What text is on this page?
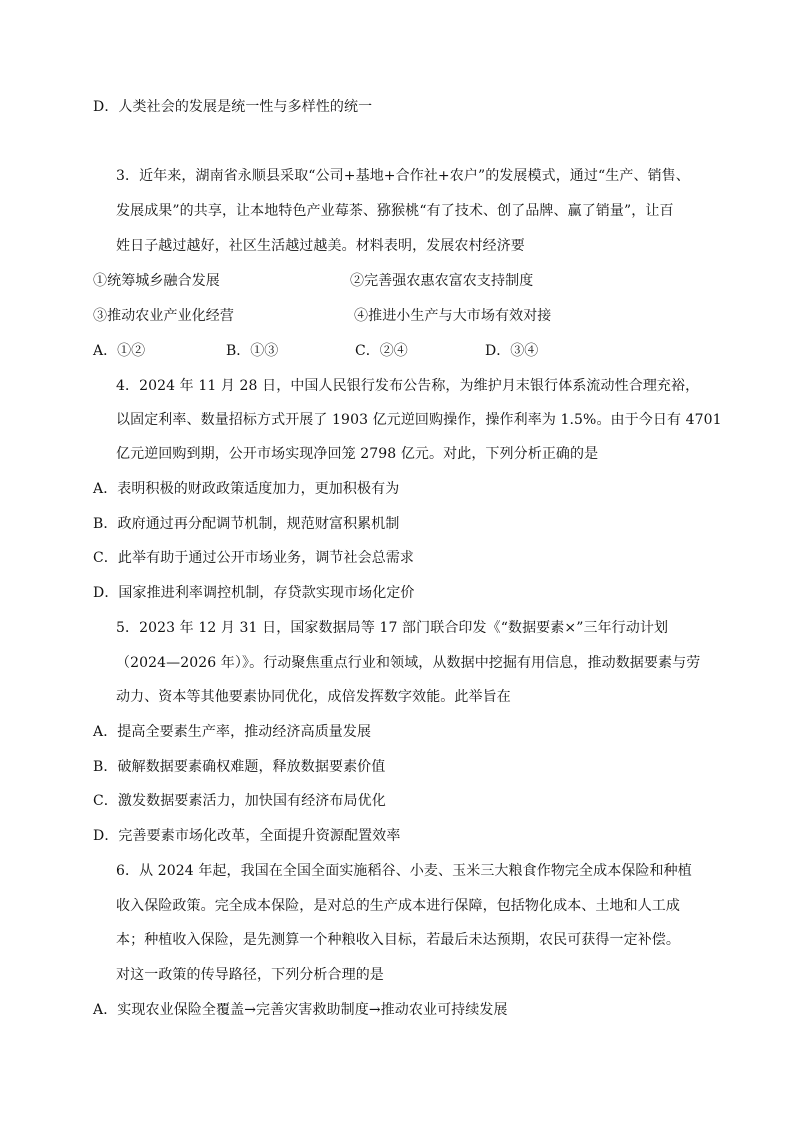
D．人类社会的发展是统一性与多样性的统一

3．近年来，湖南省永顺县采取“公司+基地+合作社+农户”的发展模式，通过“生产、销售、

发展成果”的共享，让本地特色产业莓茶、猕猴桃“有了技术、创了品牌、赢了销量”，让百

姓日子越过越好，社区生活越过越美。材料表明，发展农村经济要

①统筹城乡融合发展	②完善强农惠农富农支持制度

③推动农业产业化经营	④推进小生产与大市场有效对接

A．①②	B．①③	C．②④	D．③④

4．2024 年 11 月 28 日，中国人民银行发布公告称，为维护月末银行体系流动性合理充裕，

以固定利率、数量招标方式开展了 1903 亿元逆回购操作，操作利率为 1.5%。由于今日有 4701

亿元逆回购到期，公开市场实现净回笼 2798 亿元。对此，下列分析正确的是

A．表明积极的财政政策适度加力，更加积极有为

B．政府通过再分配调节机制，规范财富积累机制

C．此举有助于通过公开市场业务，调节社会总需求

D．国家推进利率调控机制，存贷款实现市场化定价

5．2023 年 12 月 31 日，国家数据局等 17 部门联合印发《“数据要素×”三年行动计划

（2024—2026 年）》。行动聚焦重点行业和领域，从数据中挖掘有用信息，推动数据要素与劳

动力、资本等其他要素协同优化，成倍发挥数字效能。此举旨在

A．提高全要素生产率，推动经济高质量发展

B．破解数据要素确权难题，释放数据要素价值

C．激发数据要素活力，加快国有经济布局优化

D．完善要素市场化改革，全面提升资源配置效率

6．从 2024 年起，我国在全国全面实施稻谷、小麦、玉米三大粮食作物完全成本保险和种植

收入保险政策。完全成本保险，是对总的生产成本进行保障，包括物化成本、土地和人工成

本；种植收入保险，是先测算一个种粮收入目标，若最后未达预期，农民可获得一定补偿。

对这一政策的传导路径，下列分析合理的是

A．实现农业保险全覆盖→完善灾害救助制度→推动农业可持续发展
